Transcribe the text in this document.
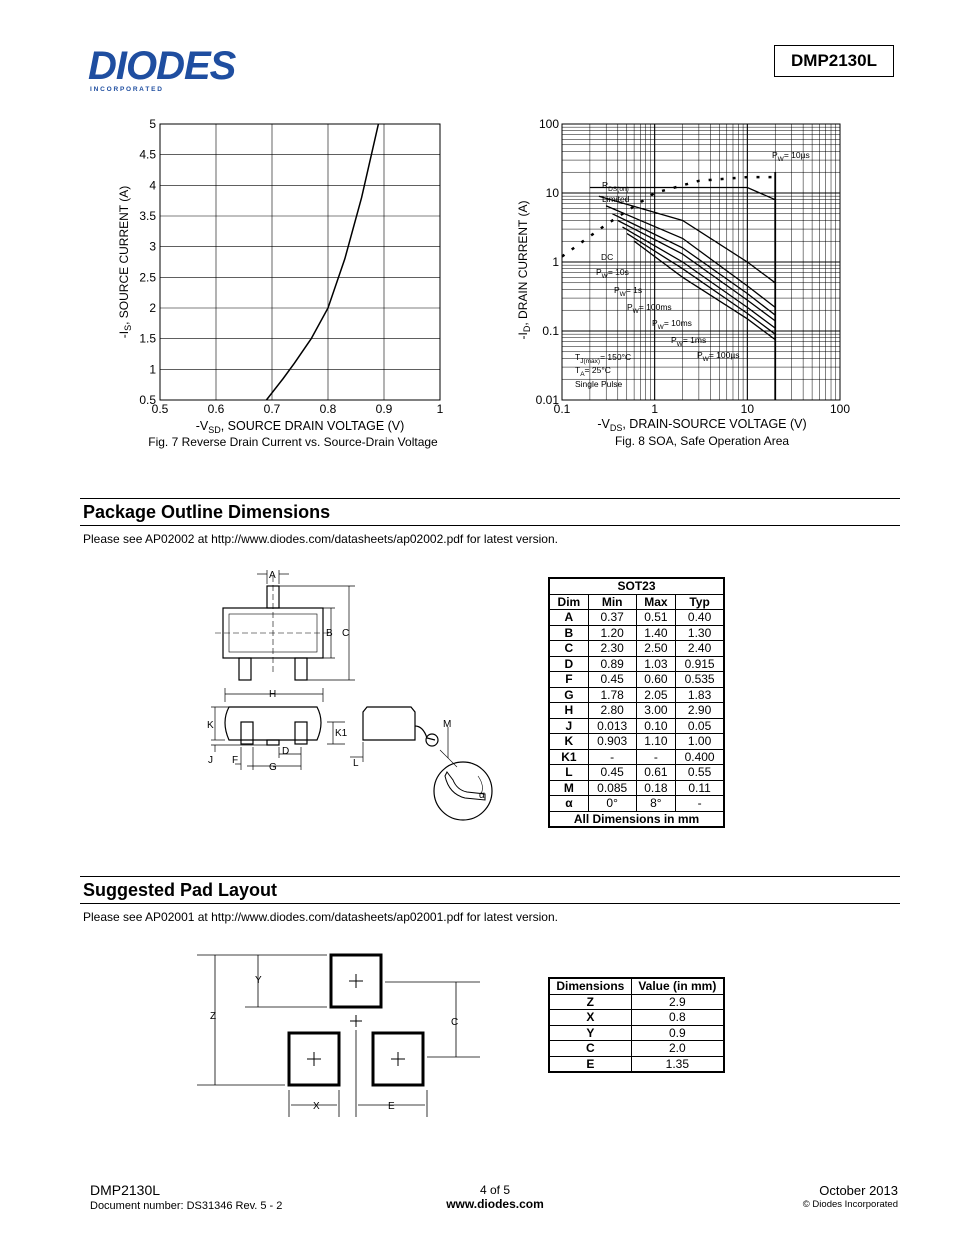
DIODES
I N C O R P O R A T E D
DMP2130L
0.5	0.6	0.7	0.8	0.9	1
0.5
1
1.5
2
2.5
3
3.5
4
4.5
5
$-V_{SD}$, SOURCE DRAIN VOLTAGE (V)
$-I_S$, SOURCE CURRENT (A)
Fig. 7 Reverse Drain Current vs. Source-Drain Voltage
0.1	1	10	100
0.01
0.1
1
10
100
$R_{DS(on)}$
Limited
DC
$P_W= 10s$
$P_W= 1s$
$P_W= 100ms$
$P_W= 10ms$
$P_W= 1ms$
$P_W= 100\mu s$
$P_W= 10\mu s$
$T_{J(max)}= 150^\circ C$
$T_A= 25^\circ C$
Single Pulse
$-V_{DS}$, DRAIN-SOURCE VOLTAGE (V)
$-I_D$, DRAIN CURRENT (A)
Fig. 8 SOA, Safe Operation Area
Package Outline Dimensions
Please see AP02002 at http://www.diodes.com/datasheets/ap02002.pdf for latest version.
A
B C
H
K
K1
J F
D
G	L
M
α
SOT23			
Dim	Min	Max	Typ
A	0.37	0.51	0.40
B	1.20	1.40	1.30
C	2.30	2.50	2.40
D	0.89	1.03	0.915
F	0.45	0.60	0.535
G	1.78	2.05	1.83
H	2.80	3.00	2.90
J	0.013	0.10	0.05
K	0.903	1.10	1.00
K1	-	-	0.400
L	0.45	0.61	0.55
M	0.085	0.18	0.11
α	0°	8°	-
All Dimensions in mm			
Suggested Pad Layout
Please see AP02001 at http://www.diodes.com/datasheets/ap02001.pdf for latest version.
Y
Z
C
X	E
Dimensions	Value (in mm)
Z	2.9
X	0.8
Y	0.9
C	2.0
E	1.35
DMP2130L
Document number: DS31346 Rev. 5 - 2
4 of 5
www.diodes.com
October 2013
© Diodes Incorporated
